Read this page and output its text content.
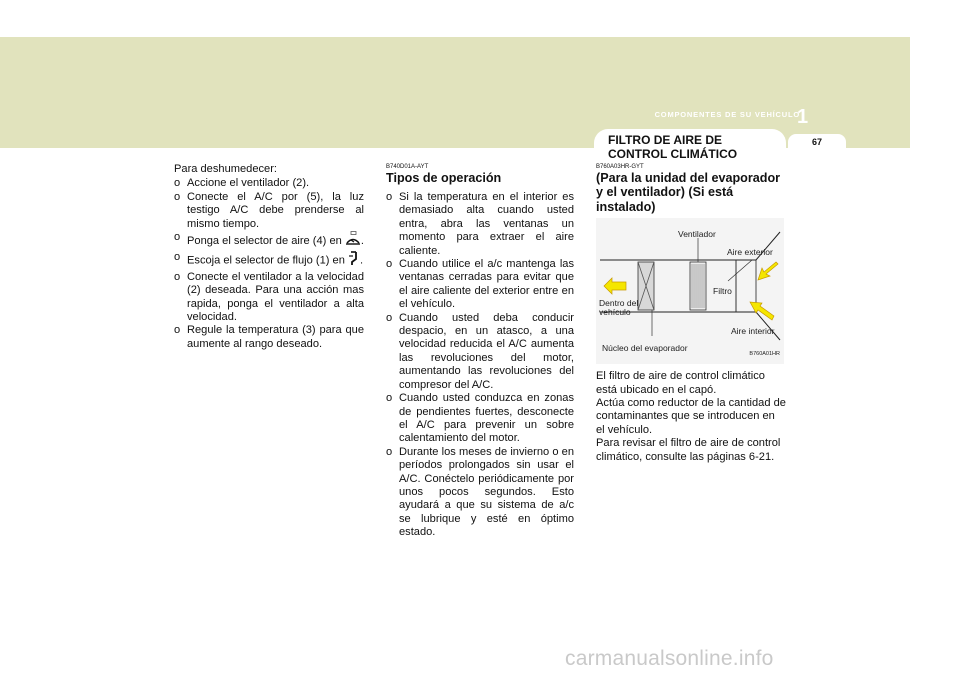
COMPONENTES DE SU VEHÍCULO
1
FILTRO DE AIRE DE
CONTROL CLIMÁTICO
67
Para deshumedecer:
o Accione el ventilador (2).
o Conecte el A/C por (5), la luz testigo A/C debe prenderse al mismo tiempo.
o Ponga el selector de aire (4) en .
o Escoja el selector de flujo (1) en .
o Conecte el ventilador a la velocidad (2) deseada. Para una acción mas rapida, ponga el ventilador a alta velocidad.
o Regule la temperatura (3) para que aumente al rango deseado.
B740D01A-AYT
Tipos de operación
o Si la temperatura en el interior es demasiado alta cuando usted entra, abra las ventanas un momento para extraer el aire caliente.
o Cuando utilice el a/c mantenga las ventanas cerradas para evitar que el aire caliente del exterior entre en el vehículo.
o Cuando usted deba conducir despacio, en un atasco, a una velocidad reducida el A/C aumenta las revoluciones del motor, aumentando las revoluciones del compresor del A/C.
o Cuando usted conduzca en zonas de pendientes fuertes, desconecte el A/C para prevenir un sobre calentamiento del motor.
o Durante los meses de invierno o en períodos prolongados sin usar el A/C. Conéctelo periódicamente por unos pocos segundos. Esto ayudará a que su sistema de a/c se lubrique y esté en óptimo estado.
B760A03HR-GYT
(Para la unidad del evaporador y el ventilador) (Si está instalado)
Ventilador
Aire exterior
Filtro
Dentro del
vehículo
Aire interior
Núcleo del evaporador
B760A01HR

El filtro de aire de control climático está ubicado en el capó.

Actúa como reductor de la cantidad de contaminantes que se introducen en el vehículo.

Para revisar el filtro de aire de control climático, consulte las páginas 6-21.

carmanualsonline.info
